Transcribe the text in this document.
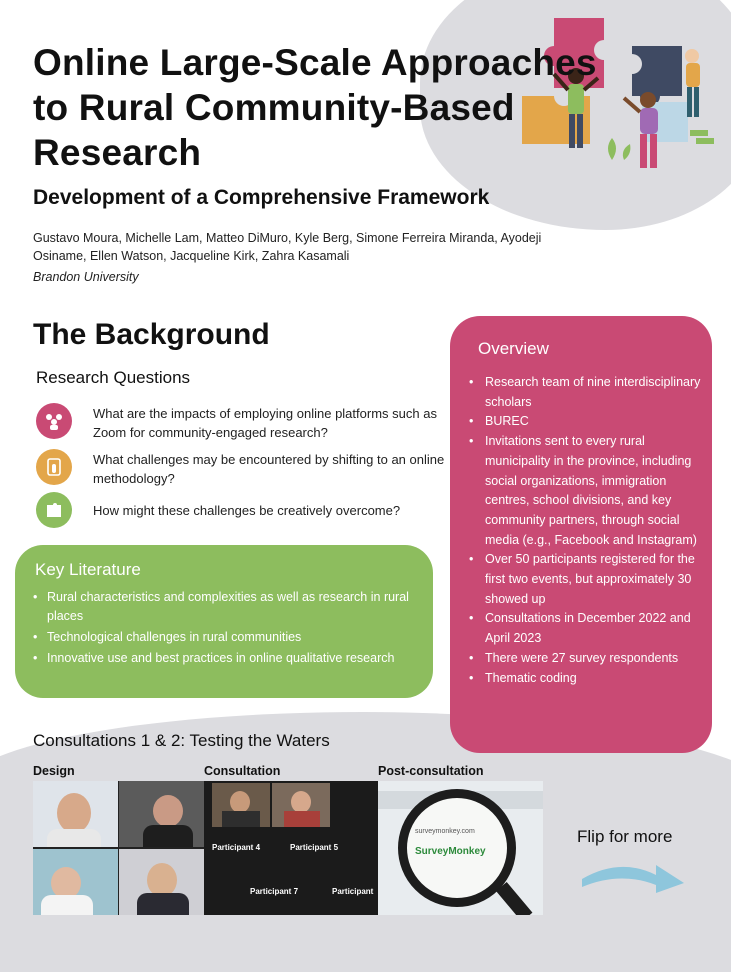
Online Large-Scale Approaches to Rural Community-Based Research
Development of a Comprehensive Framework
Gustavo Moura, Michelle Lam, Matteo DiMuro, Kyle Berg, Simone Ferreira Miranda, Ayodeji Osiname, Ellen Watson, Jacqueline Kirk, Zahra Kasamali
Brandon University
The Background
Research Questions
What are the impacts of employing online platforms such as Zoom for community-engaged research?
What challenges may be encountered by shifting to an online methodology?
How might these challenges be creatively overcome?
Key Literature
• Rural characteristics and complexities as well as research in rural places
• Technological challenges in rural communities
• Innovative use and best practices in online qualitative research
Overview
• Research team of nine interdisciplinary scholars
• BUREC
• Invitations sent to every rural municipality in the province, including social organizations, immigration centres, school divisions, and key community partners, through social media (e.g., Facebook and Instagram)
• Over 50 participants registered for the first two events, but approximately 30 showed up
• Consultations in December 2022 and April 2023
• There were 27 survey respondents
• Thematic coding
Consultations 1 & 2: Testing the Waters
Design	Consultation	Post-consultation
Participant 4	Participant 5
Participant 7	Participant
surveymonkey.com
SurveyMonkey
Flip for more
